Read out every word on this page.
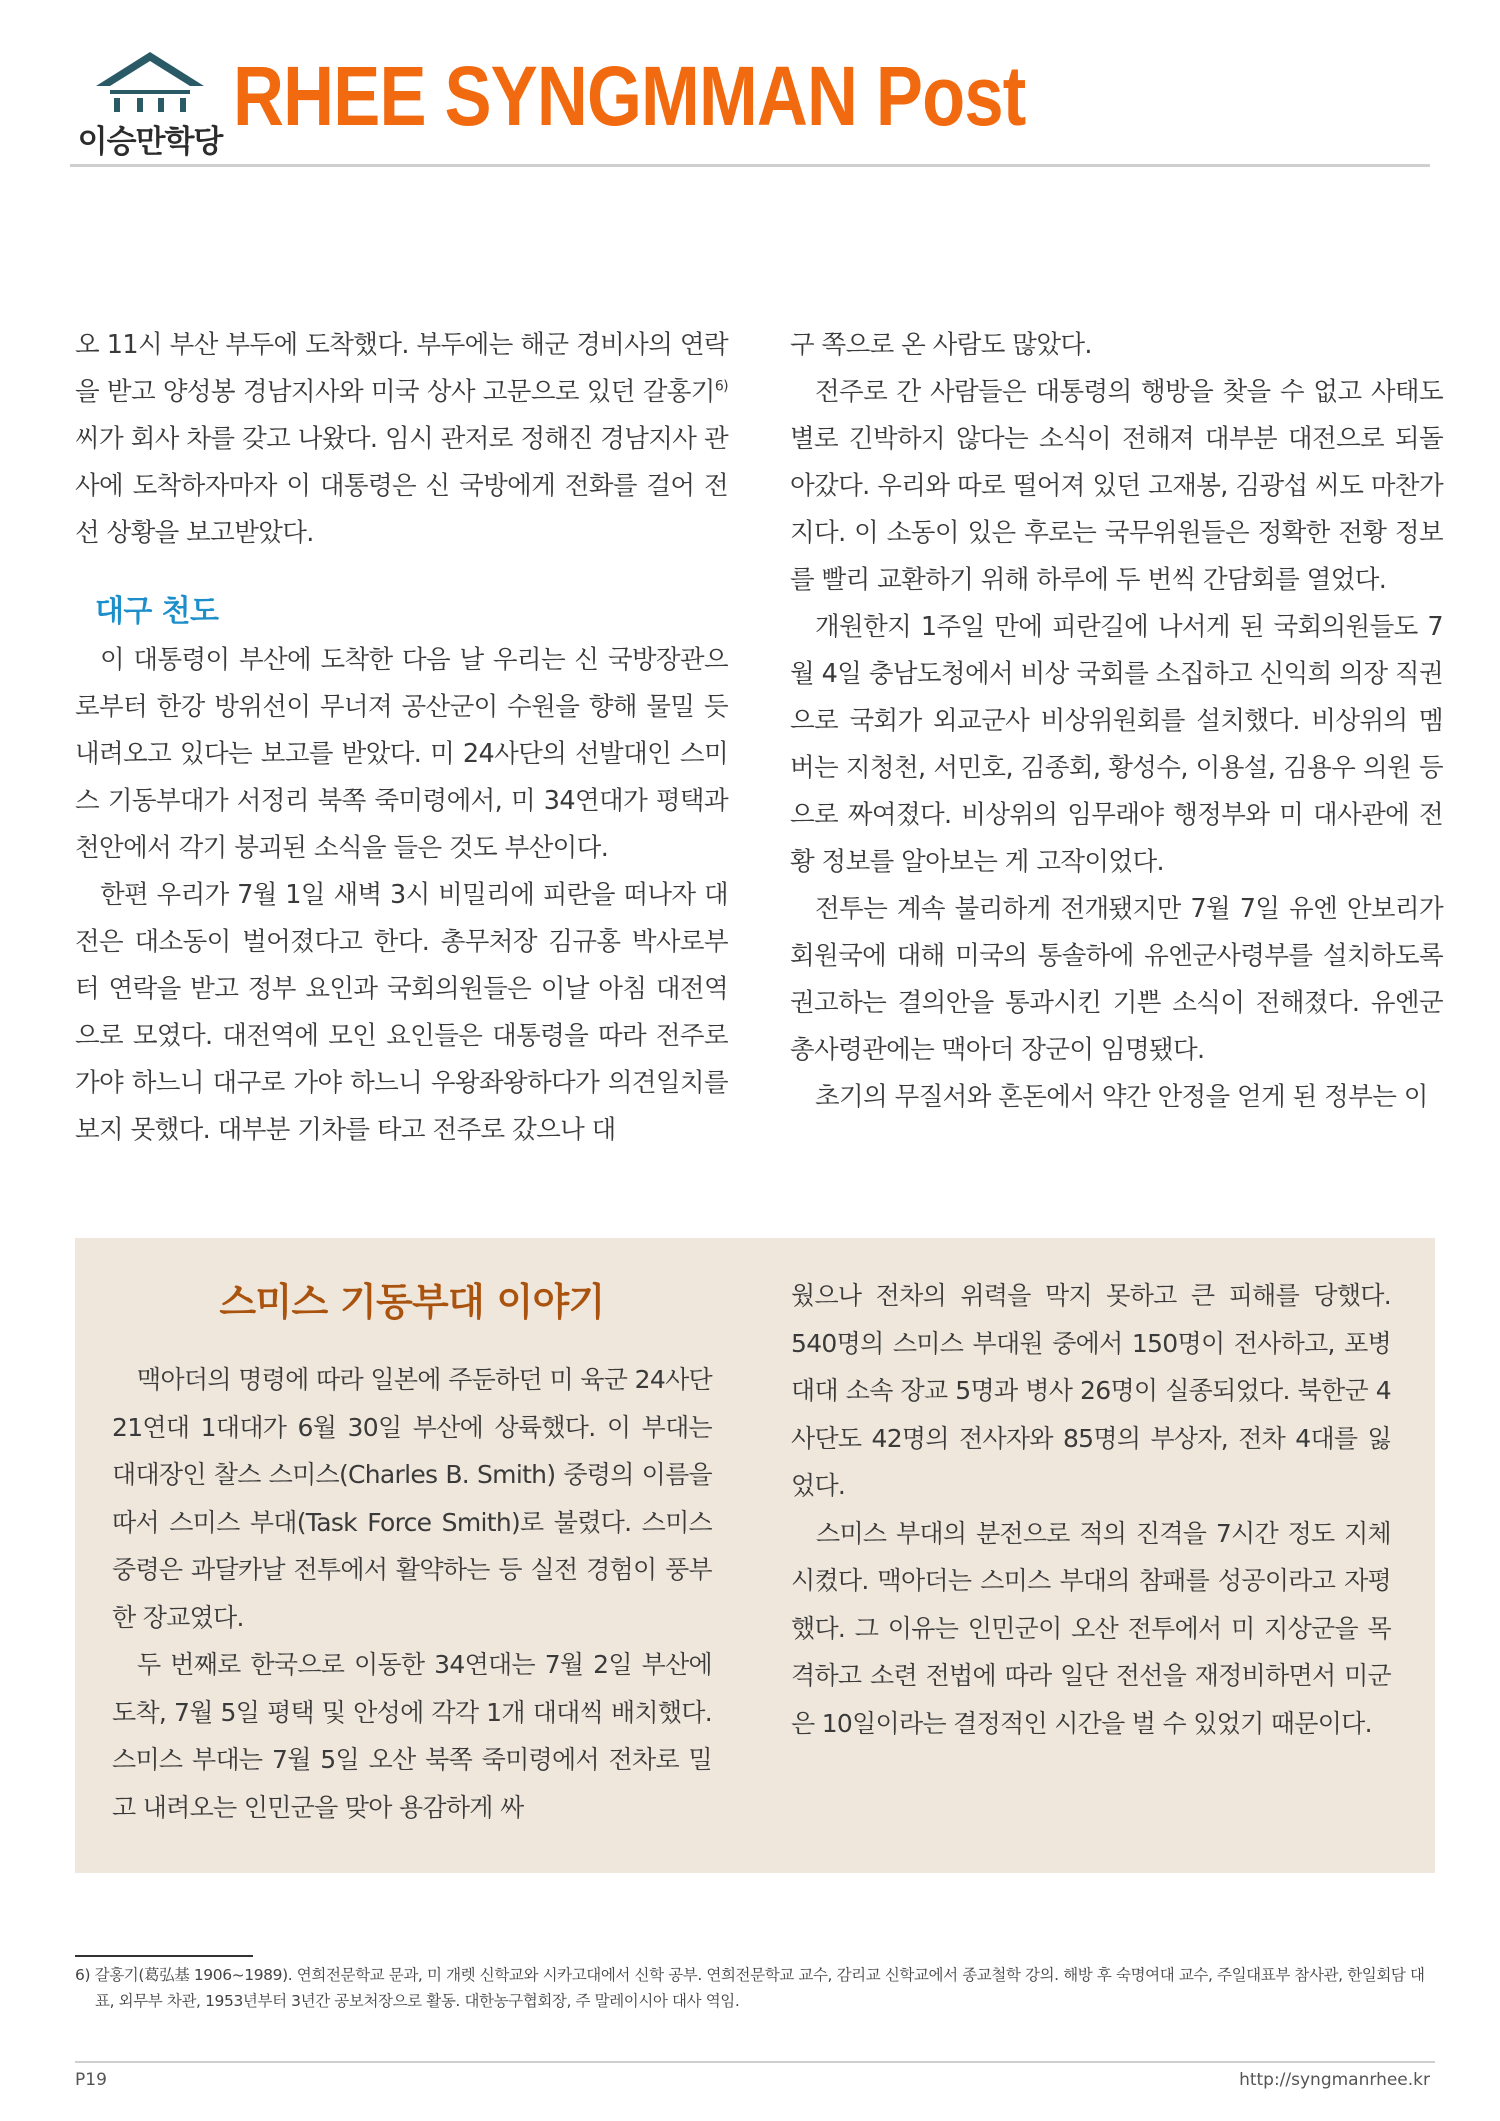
이승만학당 RHEE SYNGMMAN Post

오 11시 부산 부두에 도착했다. 부두에는 해군 경비사의 연락을 받고 양성봉 경남지사와 미국 상사 고문으로 있던 갈홍기$^{6)}$ 씨가 회사 차를 갖고 나왔다. 임시 관저로 정해진 경남지사 관사에 도착하자마자 이 대통령은 신 국방에게 전화를 걸어 전선 상황을 보고받았다.

대구 천도

이 대통령이 부산에 도착한 다음 날 우리는 신 국방장관으로부터 한강 방위선이 무너져 공산군이 수원을 향해 물밀 듯 내려오고 있다는 보고를 받았다. 미 24사단의 선발대인 스미스 기동부대가 서정리 북쪽 죽미령에서, 미 34연대가 평택과 천안에서 각기 붕괴된 소식을 들은 것도 부산이다.

한편 우리가 7월 1일 새벽 3시 비밀리에 피란을 떠나자 대전은 대소동이 벌어졌다고 한다. 총무처장 김규홍 박사로부터 연락을 받고 정부 요인과 국회의원들은 이날 아침 대전역으로 모였다. 대전역에 모인 요인들은 대통령을 따라 전주로 가야 하느니 대구로 가야 하느니 우왕좌왕하다가 의견일치를 보지 못했다. 대부분 기차를 타고 전주로 갔으나 대

구 쪽으로 온 사람도 많았다.

전주로 간 사람들은 대통령의 행방을 찾을 수 없고 사태도 별로 긴박하지 않다는 소식이 전해져 대부분 대전으로 되돌아갔다. 우리와 따로 떨어져 있던 고재봉, 김광섭 씨도 마찬가지다. 이 소동이 있은 후로는 국무위원들은 정확한 전황 정보를 빨리 교환하기 위해 하루에 두 번씩 간담회를 열었다.

개원한지 1주일 만에 피란길에 나서게 된 국회의원들도 7월 4일 충남도청에서 비상 국회를 소집하고 신익희 의장 직권으로 국회가 외교군사 비상위원회를 설치했다. 비상위의 멤버는 지청천, 서민호, 김종회, 황성수, 이용설, 김용우 의원 등으로 짜여졌다. 비상위의 임무래야 행정부와 미 대사관에 전황 정보를 알아보는 게 고작이었다.

전투는 계속 불리하게 전개됐지만 7월 7일 유엔 안보리가 회원국에 대해 미국의 통솔하에 유엔군사령부를 설치하도록 권고하는 결의안을 통과시킨 기쁜 소식이 전해졌다. 유엔군 총사령관에는 맥아더 장군이 임명됐다.

초기의 무질서와 혼돈에서 약간 안정을 얻게 된 정부는 이

스미스 기동부대 이야기

맥아더의 명령에 따라 일본에 주둔하던 미 육군 24사단 21연대 1대대가 6월 30일 부산에 상륙했다. 이 부대는 대대장인 찰스 스미스(Charles B. Smith) 중령의 이름을 따서 스미스 부대(Task Force Smith)로 불렸다. 스미스 중령은 과달카날 전투에서 활약하는 등 실전 경험이 풍부한 장교였다.

두 번째로 한국으로 이동한 34연대는 7월 2일 부산에 도착, 7월 5일 평택 및 안성에 각각 1개 대대씩 배치했다. 스미스 부대는 7월 5일 오산 북쪽 죽미령에서 전차로 밀고 내려오는 인민군을 맞아 용감하게 싸

웠으나 전차의 위력을 막지 못하고 큰 피해를 당했다. 540명의 스미스 부대원 중에서 150명이 전사하고, 포병대대 소속 장교 5명과 병사 26명이 실종되었다. 북한군 4사단도 42명의 전사자와 85명의 부상자, 전차 4대를 잃었다.

스미스 부대의 분전으로 적의 진격을 7시간 정도 지체시켰다. 맥아더는 스미스 부대의 참패를 성공이라고 자평했다. 그 이유는 인민군이 오산 전투에서 미 지상군을 목격하고 소련 전법에 따라 일단 전선을 재정비하면서 미군은 10일이라는 결정적인 시간을 벌 수 있었기 때문이다.

6) 갈홍기(葛弘基 1906~1989). 연희전문학교 문과, 미 개렛 신학교와 시카고대에서 신학 공부. 연희전문학교 교수, 감리교 신학교에서 종교철학 강의. 해방 후 숙명여대 교수, 주일대표부 참사관, 한일회담 대표, 외무부 차관, 1953년부터 3년간 공보처장으로 활동. 대한농구협회장, 주 말레이시아 대사 역임.
P19	http://syngmanrhee.kr
